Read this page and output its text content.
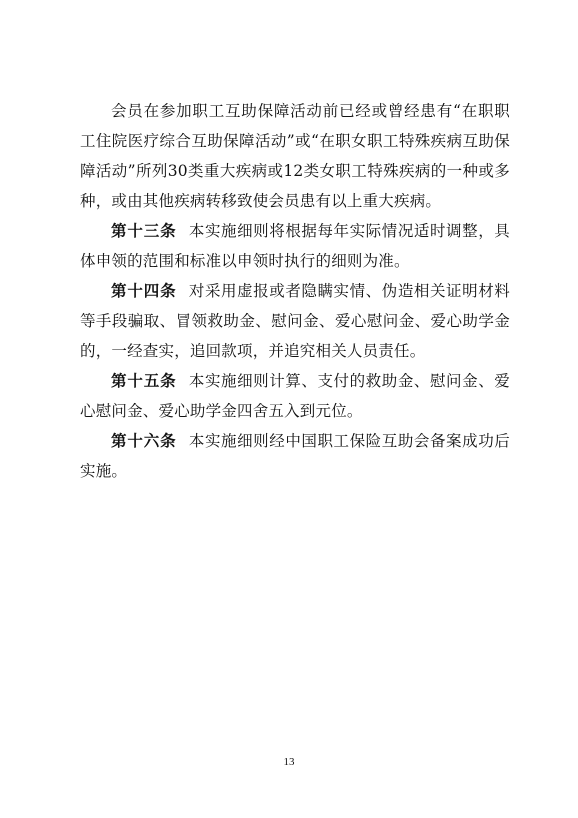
会员在参加职工互助保障活动前已经或曾经患有“在职职工住院医疗综合互助保障活动”或“在职女职工特殊疾病互助保障活动”所列30类重大疾病或12类女职工特殊疾病的一种或多种，或由其他疾病转移致使会员患有以上重大疾病。

第十三条 本实施细则将根据每年实际情况适时调整，具体申领的范围和标准以申领时执行的细则为准。

第十四条 对采用虚报或者隐瞒实情、伪造相关证明材料等手段骗取、冒领救助金、慰问金、爱心慰问金、爱心助学金的，一经查实，追回款项，并追究相关人员责任。

第十五条 本实施细则计算、支付的救助金、慰问金、爱心慰问金、爱心助学金四舍五入到元位。

第十六条 本实施细则经中国职工保险互助会备案成功后实施。

13
